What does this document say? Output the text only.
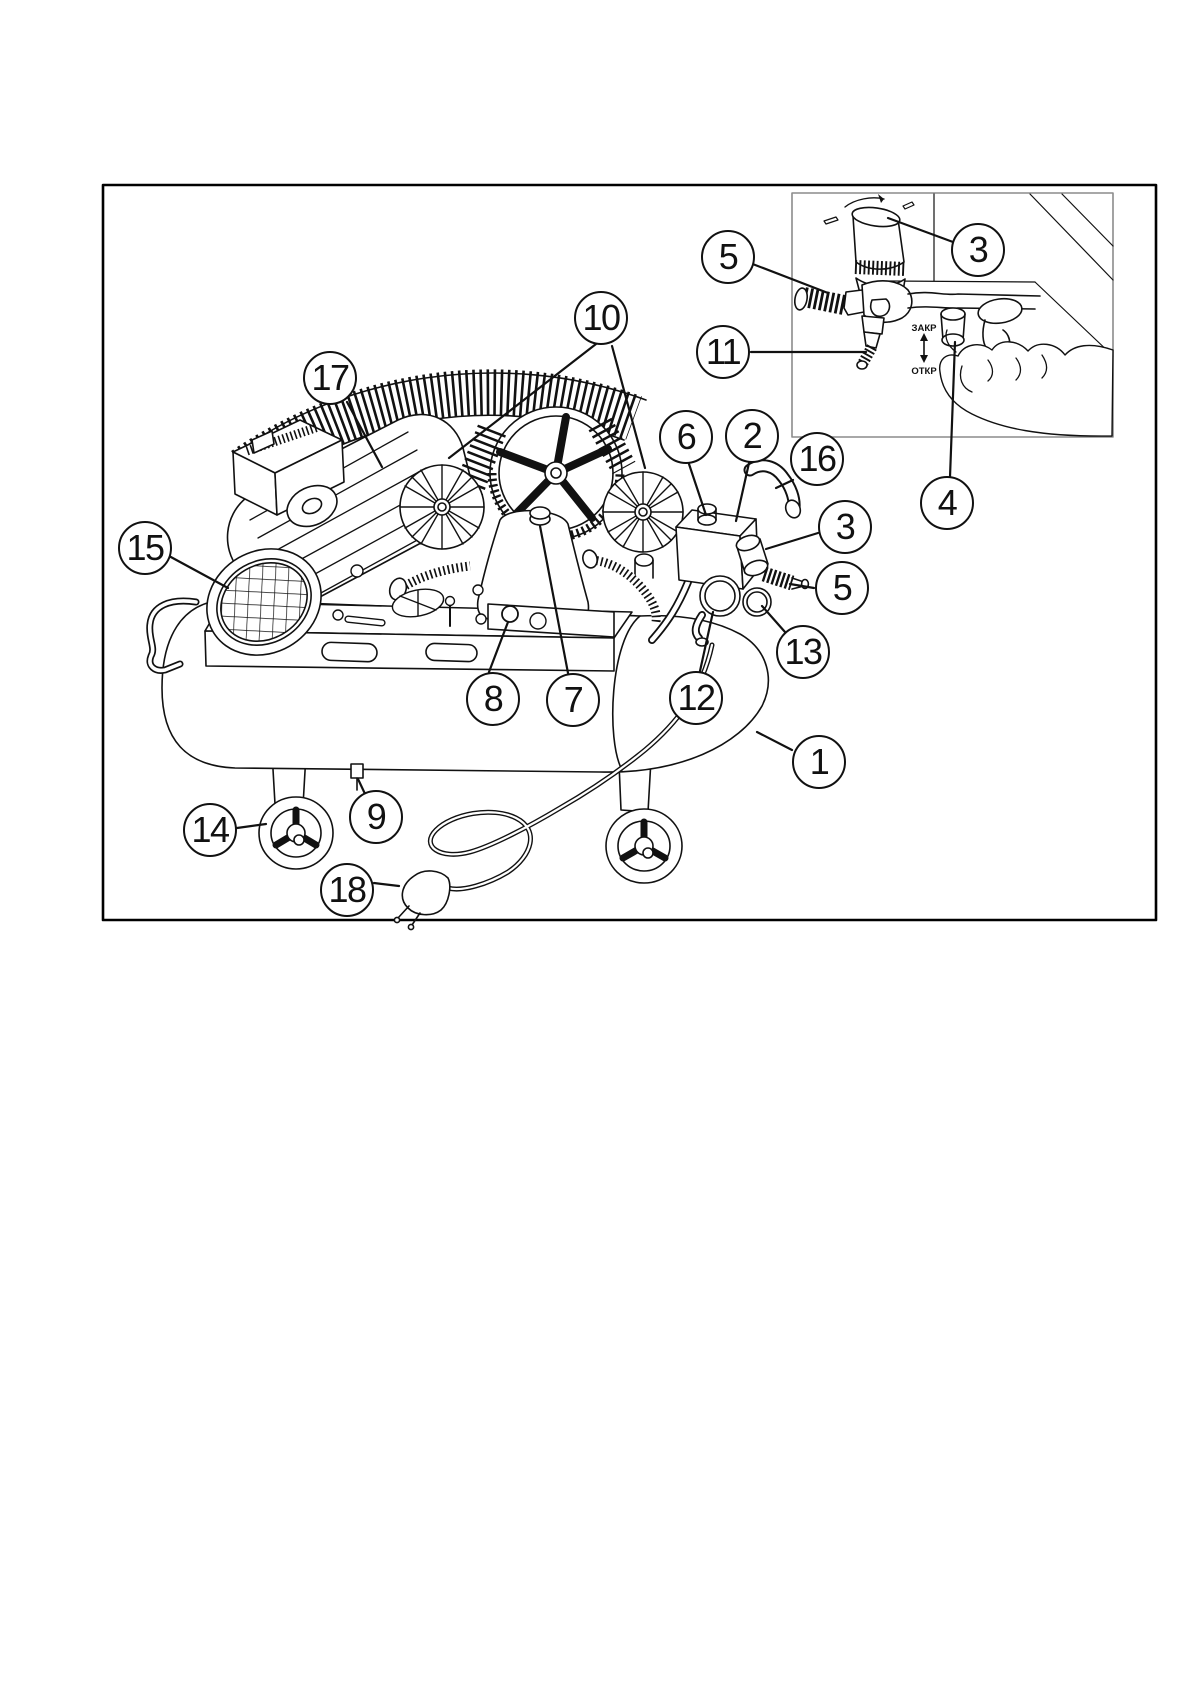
ЗАКР
ОТКР
17
10
15
5
11
3
4
6	2
16
3
5
13
12
8	7
1
14	9
18
